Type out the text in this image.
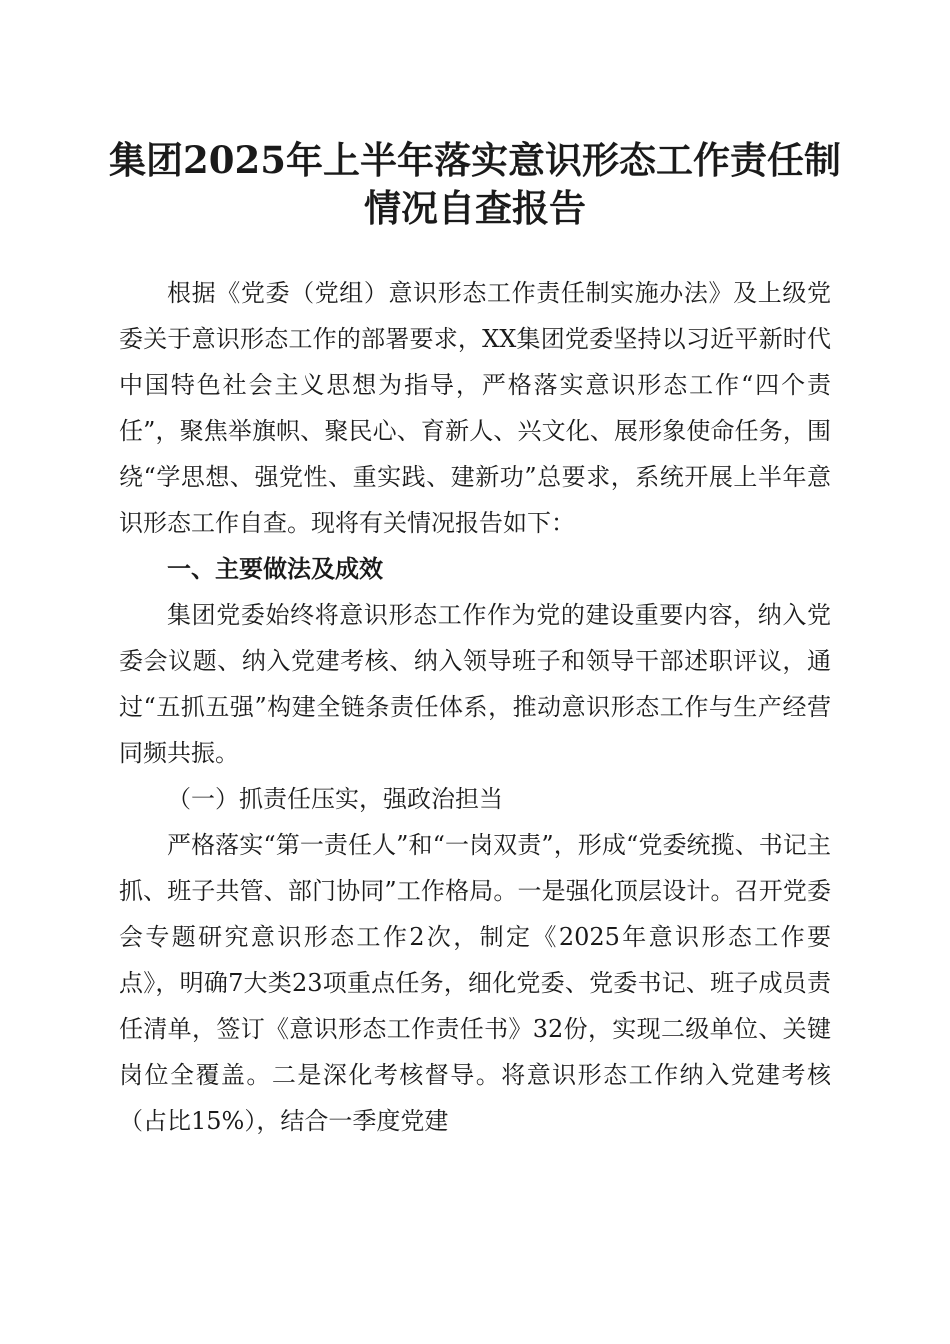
集团2025年上半年落实意识形态工作责任制
情况自查报告

根据《党委（党组）意识形态工作责任制实施办法》及上级党委关于意识形态工作的部署要求，XX集团党委坚持以习近平新时代中国特色社会主义思想为指导，严格落实意识形态工作“四个责任”，聚焦举旗帜、聚民心、育新人、兴文化、展形象使命任务，围绕“学思想、强党性、重实践、建新功”总要求，系统开展上半年意识形态工作自查。现将有关情况报告如下：

一、主要做法及成效

集团党委始终将意识形态工作作为党的建设重要内容，纳入党委会议题、纳入党建考核、纳入领导班子和领导干部述职评议，通过“五抓五强”构建全链条责任体系，推动意识形态工作与生产经营同频共振。

（一）抓责任压实，强政治担当

严格落实“第一责任人”和“一岗双责”，形成“党委统揽、书记主抓、班子共管、部门协同”工作格局。一是强化顶层设计。召开党委会专题研究意识形态工作2次，制定《2025年意识形态工作要点》，明确7大类23项重点任务，细化党委、党委书记、班子成员责任清单，签订《意识形态工作责任书》32份，实现二级单位、关键岗位全覆盖。二是深化考核督导。将意识形态工作纳入党建考核（占比15%），结合一季度党建
